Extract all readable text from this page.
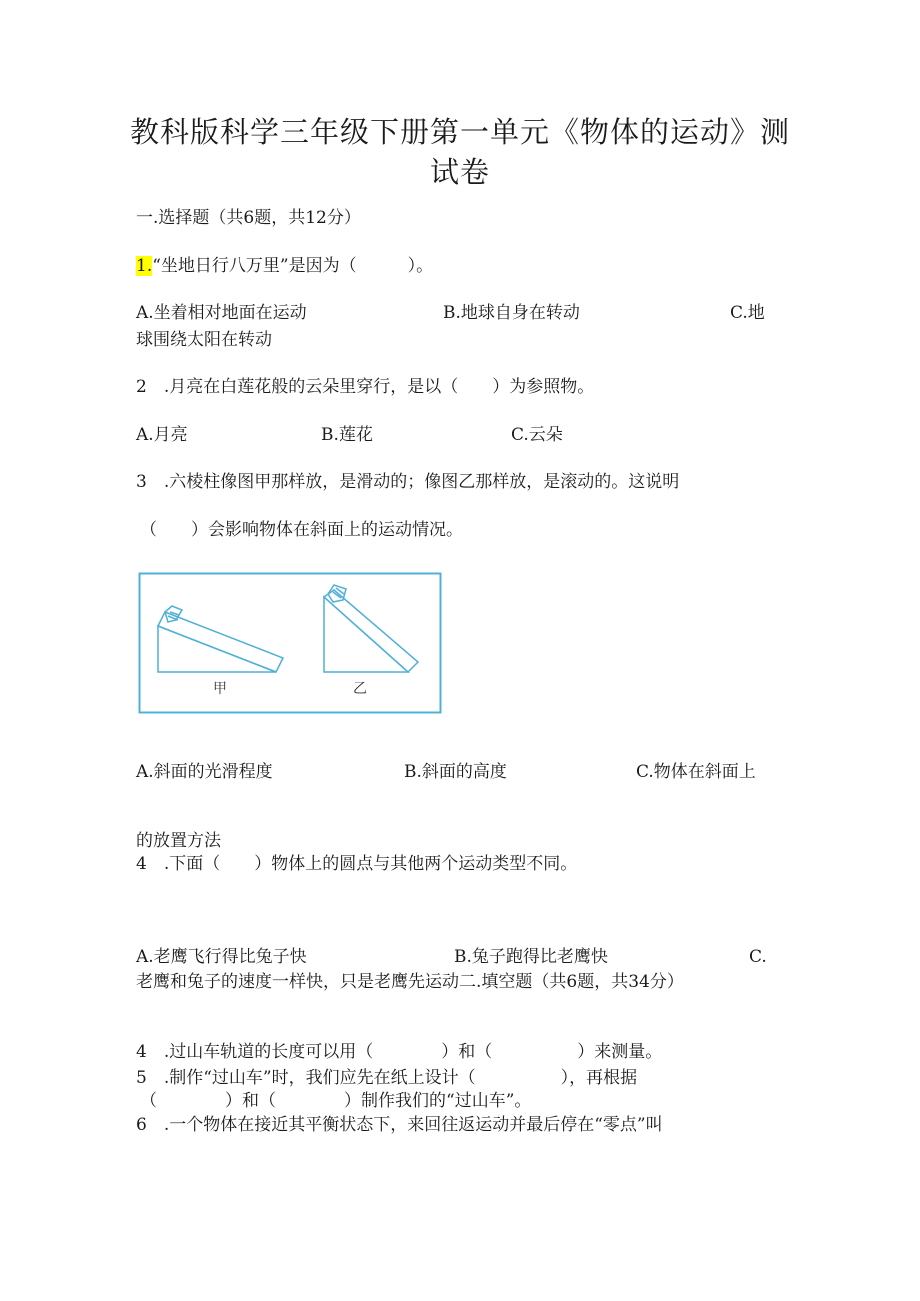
教科版科学三年级下册第一单元《物体的运动》测
试卷
一.选择题（共6题，共12分）
1.“坐地日行八万里”是因为（　　　）。
A.坐着相对地面在运动	B.地球自身在转动	C.地
球围绕太阳在转动
2　.月亮在白莲花般的云朵里穿行，是以（　　）为参照物。
A.月亮	B.莲花	C.云朵
3　.六棱柱像图甲那样放，是滑动的；像图乙那样放，是滚动的。这说明
（　　）会影响物体在斜面上的运动情况。
甲	乙
A.斜面的光滑程度	B.斜面的高度	C.物体在斜面上
的放置方法
4　.下面（　　）物体上的圆点与其他两个运动类型不同。
A.老鹰飞行得比兔子快	B.兔子跑得比老鹰快	C.
老鹰和兔子的速度一样快，只是老鹰先运动二.填空题（共6题，共34分）
4　.过山车轨道的长度可以用（　　　　）和（　　　　　）来测量。
5　.制作“过山车”时，我们应先在纸上设计（　　　　　），再根据
（　　　　）和（　　　　）制作我们的“过山车”。
6　.一个物体在接近其平衡状态下，来回往返运动并最后停在“零点”叫
